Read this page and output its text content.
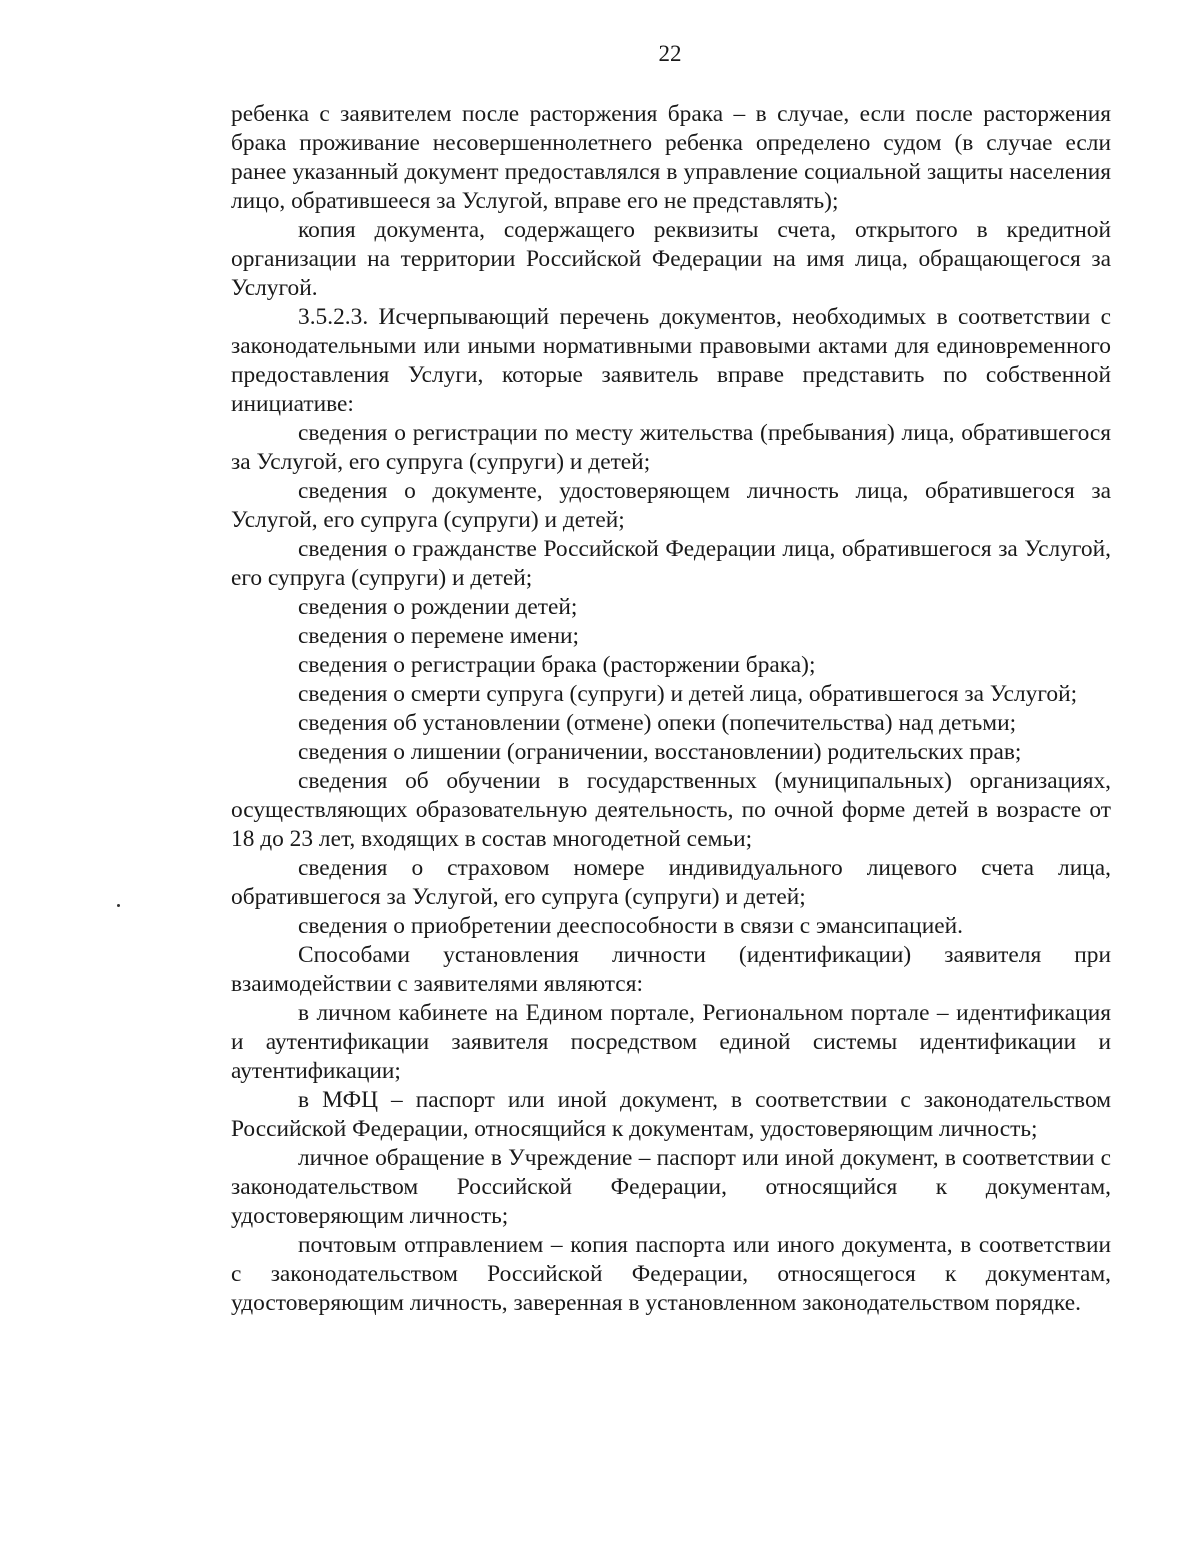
22

ребенка с заявителем после расторжения брака – в случае, если после расторжения брака проживание несовершеннолетнего ребенка определено судом (в случае если ранее указанный документ предоставлялся в управление социальной защиты населения лицо, обратившееся за Услугой, вправе его не представлять);

копия документа, содержащего реквизиты счета, открытого в кредитной организации на территории Российской Федерации на имя лица, обращающегося за Услугой.

3.5.2.3. Исчерпывающий перечень документов, необходимых в соответствии с законодательными или иными нормативными правовыми актами для единовременного предоставления Услуги, которые заявитель вправе представить по собственной инициативе:

сведения о регистрации по месту жительства (пребывания) лица, обратившегося за Услугой, его супруга (супруги) и детей;

сведения о документе, удостоверяющем личность лица, обратившегося за Услугой, его супруга (супруги) и детей;

сведения о гражданстве Российской Федерации лица, обратившегося за Услугой, его супруга (супруги) и детей;

сведения о рождении детей;

сведения о перемене имени;

сведения о регистрации брака (расторжении брака);

сведения о смерти супруга (супруги) и детей лица, обратившегося за Услугой;

сведения об установлении (отмене) опеки (попечительства) над детьми;

сведения о лишении (ограничении, восстановлении) родительских прав;

сведения об обучении в государственных (муниципальных) организациях, осуществляющих образовательную деятельность, по очной форме детей в возрасте от 18 до 23 лет, входящих в состав многодетной семьи;

сведения о страховом номере индивидуального лицевого счета лица, обратившегося за Услугой, его супруга (супруги) и детей;

сведения о приобретении дееспособности в связи с эмансипацией.

Способами установления личности (идентификации) заявителя при взаимодействии с заявителями являются:

в личном кабинете на Едином портале, Региональном портале – идентификация и аутентификации заявителя посредством единой системы идентификации и аутентификации;

в МФЦ – паспорт или иной документ, в соответствии с законодательством Российской Федерации, относящийся к документам, удостоверяющим личность;

личное обращение в Учреждение – паспорт или иной документ, в соответствии с законодательством Российской Федерации, относящийся к документам, удостоверяющим личность;

почтовым отправлением – копия паспорта или иного документа, в соответствии с законодательством Российской Федерации, относящегося к документам, удостоверяющим личность, заверенная в установленном законодательством порядке.
